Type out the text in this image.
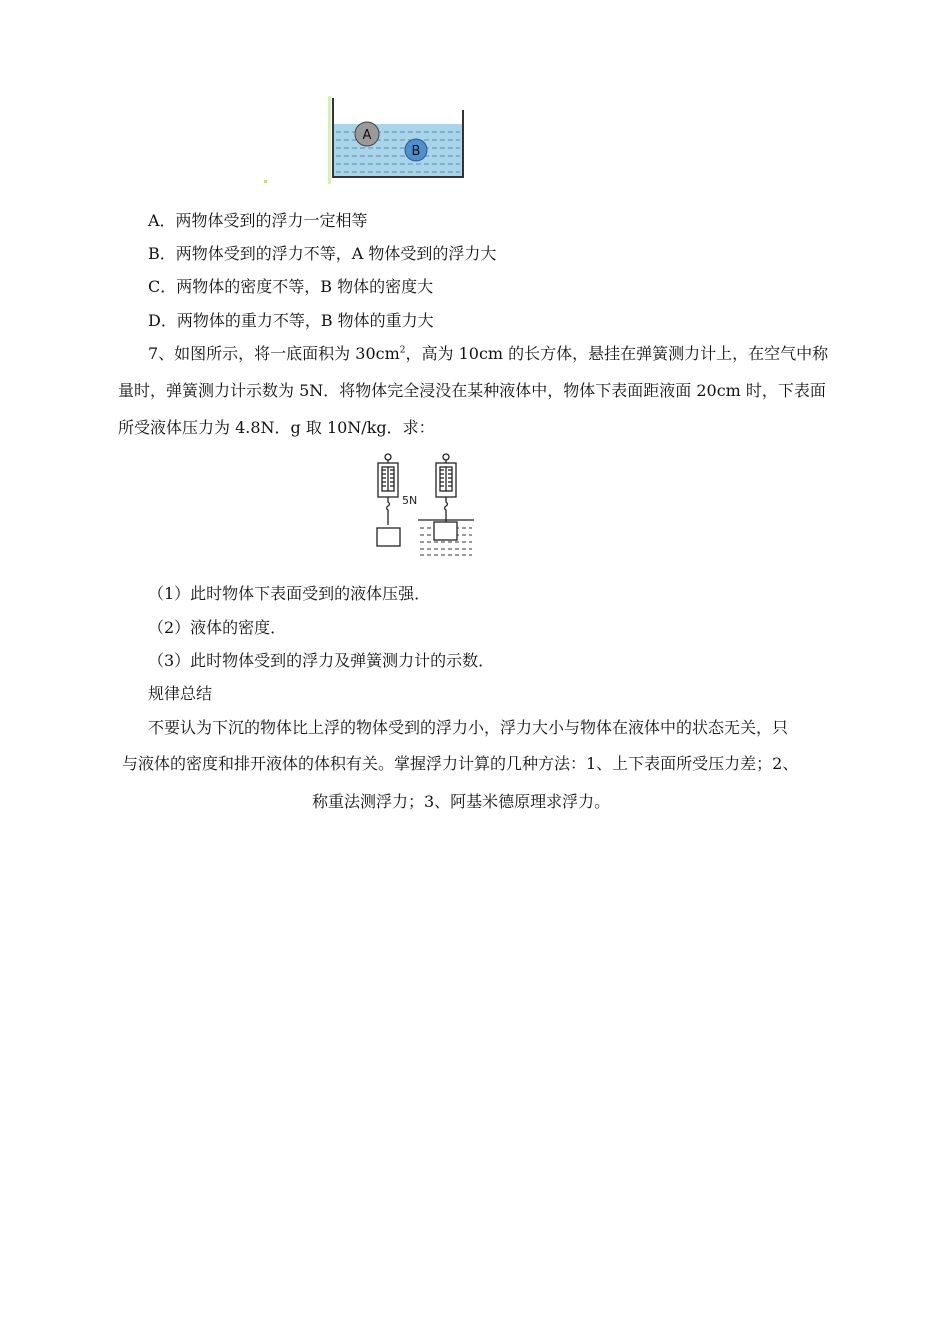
A
B
A．两物体受到的浮力一定相等
B．两物体受到的浮力不等，A 物体受到的浮力大
C．两物体的密度不等，B 物体的密度大
D．两物体的重力不等，B 物体的重力大
7、如图所示，将一底面积为 $30cm^2$，高为 10cm 的长方体，悬挂在弹簧测力计上，在空气中称
量时，弹簧测力计示数为 5N．将物体完全浸没在某种液体中，物体下表面距液面 20cm 时，下表面
所受液体压力为 4.8N．g 取 10N/kg．求：
5N
（1）此时物体下表面受到的液体压强．
（2）液体的密度．
（3）此时物体受到的浮力及弹簧测力计的示数．
规律总结
不要认为下沉的物体比上浮的物体受到的浮力小，浮力大小与物体在液体中的状态无关，只
与液体的密度和排开液体的体积有关。掌握浮力计算的几种方法：1、上下表面所受压力差；2、
称重法测浮力；3、阿基米德原理求浮力。
